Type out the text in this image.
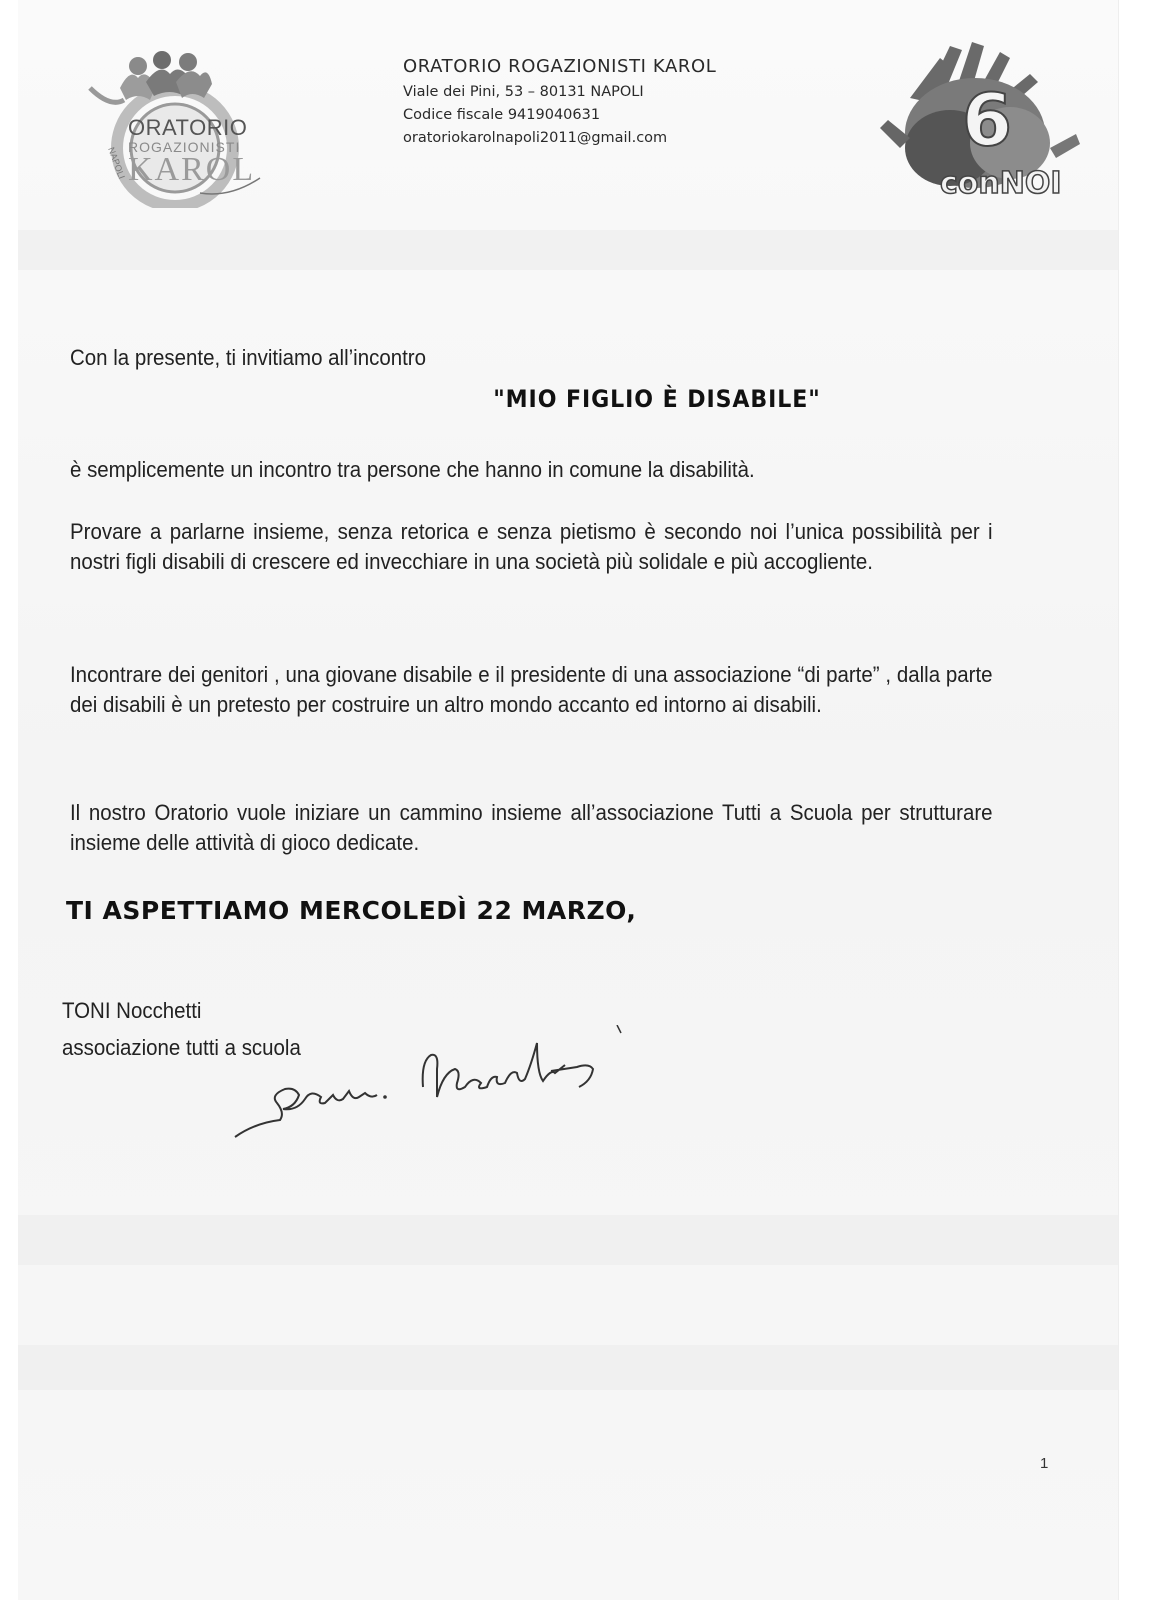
ORATORIO
ROGAZIONISTI
KAROL
NAPOLI
ORATORIO ROGAZIONISTI KAROL
Viale dei Pini, 53 – 80131 NAPOLI
Codice fiscale 9419040631
oratoriokarolnapoli2011@gmail.com	6
conNOI
Con la presente, ti invitiamo all’incontro
"MIO FIGLIO È DISABILE"
è semplicemente un incontro tra persone che hanno in comune la disabilità.
Provare a parlarne insieme, senza retorica e senza pietismo è secondo noi l’unica possibilità per i nostri figli disabili di crescere ed invecchiare in una società più solidale e più accogliente.
Incontrare dei genitori , una giovane disabile e il presidente di una associazione “di parte” , dalla parte dei disabili è un pretesto per costruire un altro mondo accanto ed intorno ai disabili.
Il nostro Oratorio vuole iniziare un cammino insieme all’associazione Tutti a Scuola per strutturare insieme delle attività di gioco dedicate.
TI ASPETTIAMO MERCOLEDÌ 22 MARZO,
TONI Nocchetti
associazione tutti a scuola
1
